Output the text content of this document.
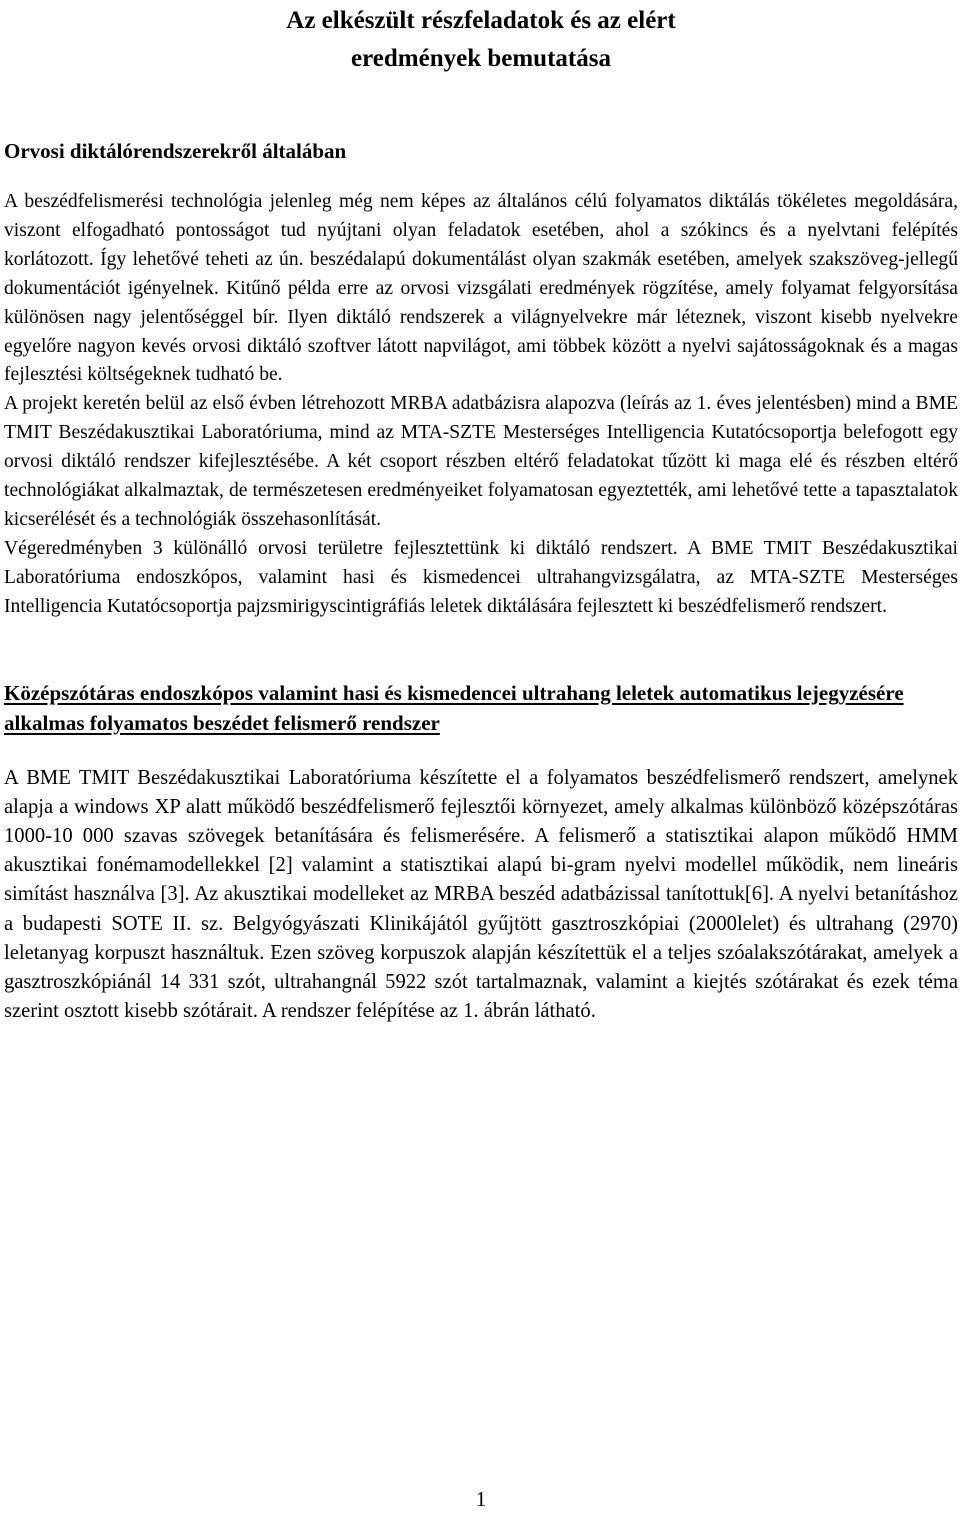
Az elkészült részfeladatok és az elért
eredmények bemutatása
Orvosi diktálórendszerekről általában

A beszédfelismerési technológia jelenleg még nem képes az általános célú folyamatos diktálás tökéletes megoldására, viszont elfogadható pontosságot tud nyújtani olyan feladatok esetében, ahol a szókincs és a nyelvtani felépítés korlátozott. Így lehetővé teheti az ún. beszédalapú dokumentálást olyan szakmák esetében, amelyek szakszöveg-jellegű dokumentációt igényelnek. Kitűnő példa erre az orvosi vizsgálati eredmények rögzítése, amely folyamat felgyorsítása különösen nagy jelentőséggel bír. Ilyen diktáló rendszerek a világnyelvekre már léteznek, viszont kisebb nyelvekre egyelőre nagyon kevés orvosi diktáló szoftver látott napvilágot, ami többek között a nyelvi sajátosságoknak és a magas fejlesztési költségeknek tudható be.

A projekt keretén belül az első évben létrehozott MRBA adatbázisra alapozva (leírás az 1. éves jelentésben) mind a BME TMIT Beszédakusztikai Laboratóriuma, mind az MTA-SZTE Mesterséges Intelligencia Kutatócsoportja belefogott egy orvosi diktáló rendszer kifejlesztésébe. A két csoport részben eltérő feladatokat tűzött ki maga elé és részben eltérő technológiákat alkalmaztak, de természetesen eredményeiket folyamatosan egyeztették, ami lehetővé tette a tapasztalatok kicserélését és a technológiák összehasonlítását.

Végeredményben 3 különálló orvosi területre fejlesztettünk ki diktáló rendszert. A BME TMIT Beszédakusztikai Laboratóriuma endoszkópos, valamint hasi és kismedencei ultrahangvizsgálatra, az MTA-SZTE Mesterséges Intelligencia Kutatócsoportja pajzsmirigyscintigráfiás leletek diktálására fejlesztett ki beszédfelismerő rendszert.

Középszótáras endoszkópos valamint hasi és kismedencei ultrahang leletek automatikus lejegyzésére alkalmas folyamatos beszédet felismerő rendszer

A BME TMIT Beszédakusztikai Laboratóriuma készítette el a folyamatos beszédfelismerő rendszert, amelynek alapja a windows XP alatt működő beszédfelismerő fejlesztői környezet, amely alkalmas különböző középszótáras 1000-10 000 szavas szövegek betanítására és felismerésére. A felismerő a statisztikai alapon működő HMM akusztikai fonémamodellekkel [2] valamint a statisztikai alapú bi-gram nyelvi modellel működik, nem lineáris simítást használva [3]. Az akusztikai modelleket az MRBA beszéd adatbázissal tanítottuk[6]. A nyelvi betanításhoz a budapesti SOTE II. sz. Belgyógyászati Klinikájától gyűjtött gasztroszkópiai (2000lelet) és ultrahang (2970) leletanyag korpuszt használtuk. Ezen szöveg korpuszok alapján készítettük el a teljes szóalakszótárakat, amelyek a gasztroszkópiánál 14 331 szót, ultrahangnál 5922 szót tartalmaznak, valamint a kiejtés szótárakat és ezek téma szerint osztott kisebb szótárait. A rendszer felépítése az 1. ábrán látható.

1
